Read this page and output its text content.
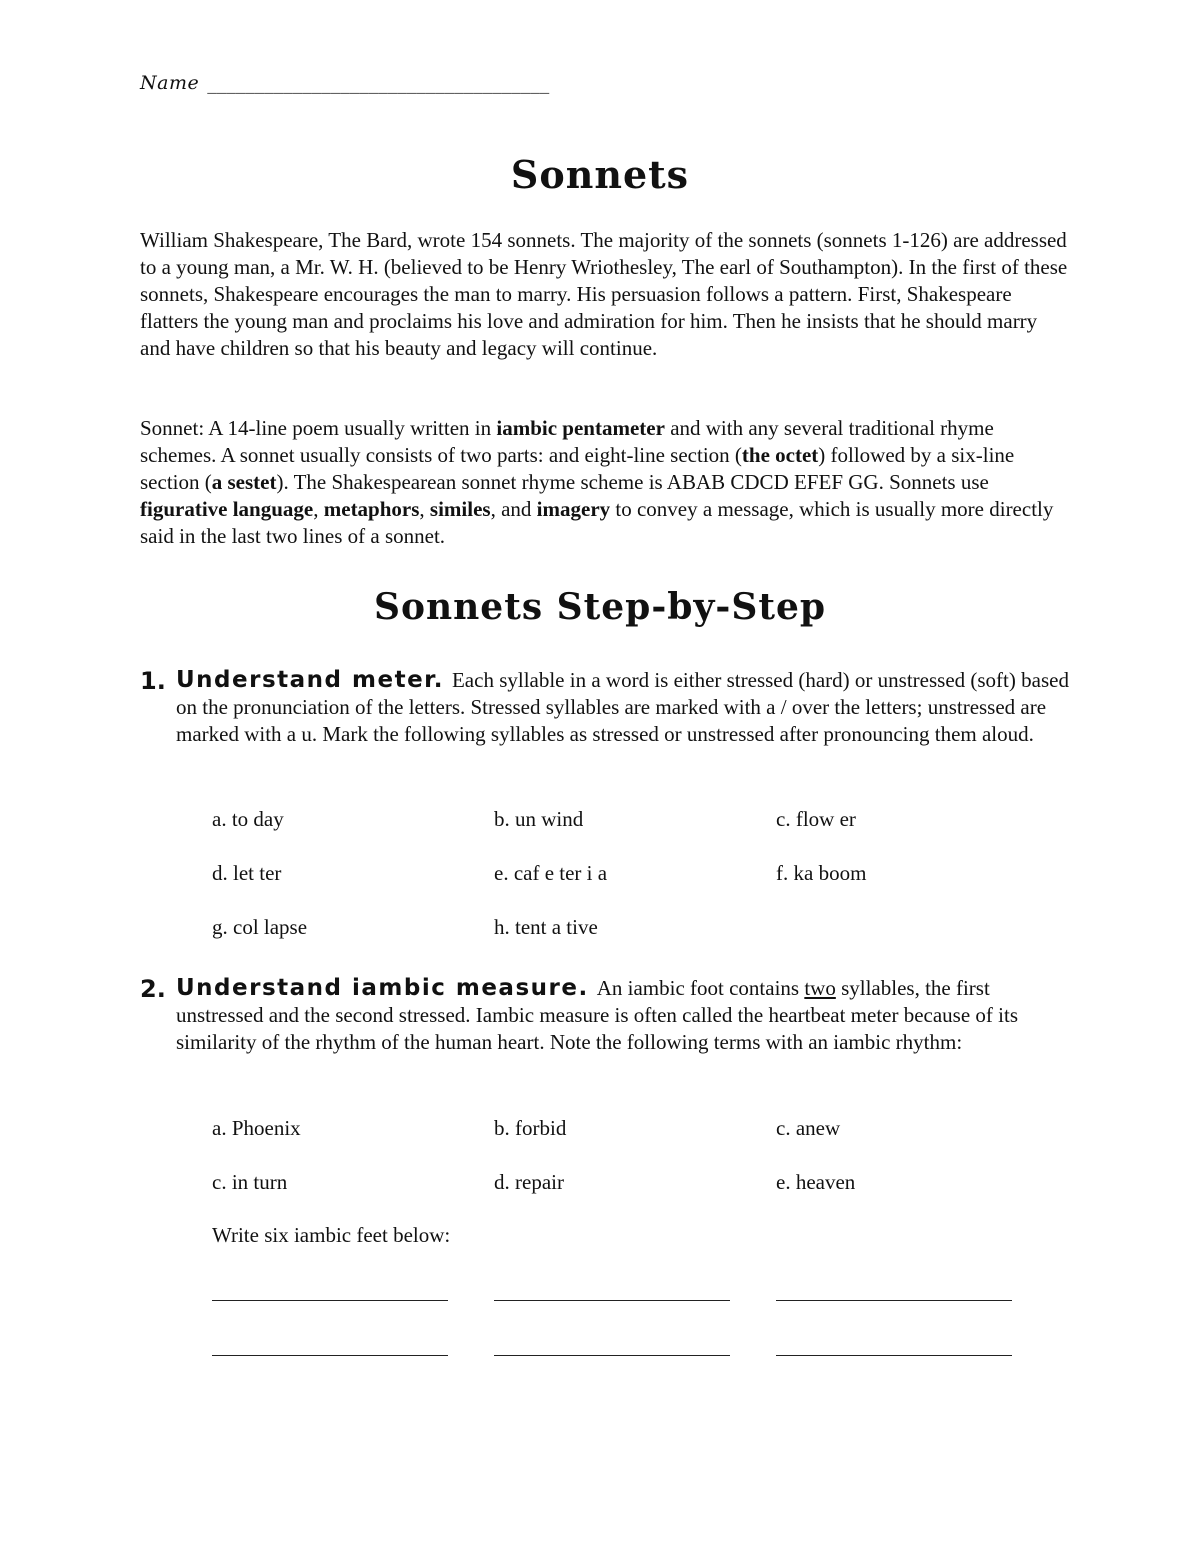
Name ____________________________________
Sonnets

William Shakespeare, The Bard, wrote 154 sonnets. The majority of the sonnets (sonnets 1-126) are addressed to a young man, a Mr. W. H. (believed to be Henry Wriothesley, The earl of Southampton). In the first of these sonnets, Shakespeare encourages the man to marry. His persuasion follows a pattern. First, Shakespeare flatters the young man and proclaims his love and admiration for him. Then he insists that he should marry and have children so that his beauty and legacy will continue.

Sonnet: A 14-line poem usually written in iambic pentameter and with any several traditional rhyme schemes. A sonnet usually consists of two parts: and eight-line section (the octet) followed by a six-line section (a sestet). The Shakespearean sonnet rhyme scheme is ABAB CDCD EFEF GG. Sonnets use figurative language, metaphors, similes, and imagery to convey a message, which is usually more directly said in the last two lines of a sonnet.

Sonnets Step-by-Step
1. Understand meter. Each syllable in a word is either stressed (hard) or unstressed (soft) based on the pronunciation of the letters. Stressed syllables are marked with a / over the letters; unstressed are marked with a u. Mark the following syllables as stressed or unstressed after pronouncing them aloud.
a. to day	b. un wind	c. flow er
d. let ter	e. caf e ter i a	f. ka boom
g. col lapse	h. tent a tive
2. Understand iambic measure. An iambic foot contains two syllables, the first unstressed and the second stressed. Iambic measure is often called the heartbeat meter because of its similarity of the rhythm of the human heart. Note the following terms with an iambic rhythm:
a. Phoenix	b. forbid	c. anew
c. in turn	d. repair	e. heaven
Write six iambic feet below:
